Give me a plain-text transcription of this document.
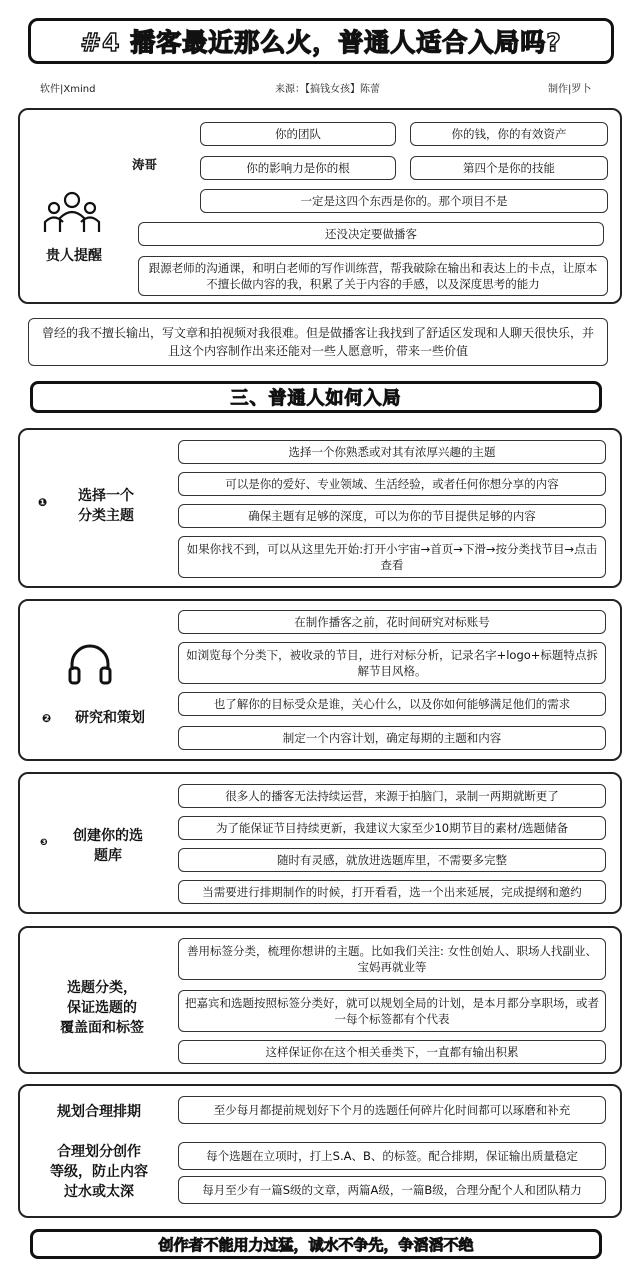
#4 播客最近那么火，普通人适合入局吗?
软件|Xmind	来源：【搞钱女孩】陈蕾	制作|罗卜
贵人提醒
涛哥
你的团队	你的钱，你的有效资产
你的影响力是你的根	第四个是你的技能
一定是这四个东西是你的。那个项目不是
还没决定要做播客
跟源老师的沟通课，和明白老师的写作训练营，帮我破除在输出和表达上的卡点，让原本不擅长做内容的我，积累了关于内容的手感，以及深度思考的能力
曾经的我不擅长输出，写文章和拍视频对我很难。但是做播客让我找到了舒适区发现和人聊天很快乐，并且这个内容制作出来还能对一些人愿意听，带来一些价值
三、普通人如何入局
❶	选择一个
分类主题
选择一个你熟悉或对其有浓厚兴趣的主题
可以是你的爱好、专业领域、生活经验，或者任何你想分享的内容
确保主题有足够的深度，可以为你的节目提供足够的内容
如果你找不到，可以从这里先开始:打开小宇宙→首页→下滑→按分类找节目→点击查看
❷	研究和策划
在制作播客之前，花时间研究对标账号
如浏览每个分类下，被收录的节目，进行对标分析，记录名字+logo+标题特点拆解节目风格。
也了解你的目标受众是谁，关心什么，以及你如何能够满足他们的需求
制定一个内容计划，确定每期的主题和内容
❸	创建你的选
题库
很多人的播客无法持续运营，来源于拍脑门，录制一两期就断更了
为了能保证节目持续更新，我建议大家至少10期节目的素材/选题储备
随时有灵感，就放进选题库里，不需要多完整
当需要进行排期制作的时候，打开看看，选一个出来延展，完成提纲和邀约
选题分类，
保证选题的
覆盖面和标签
善用标签分类，梳理你想讲的主题。比如我们关注: 女性创始人、职场人找副业、宝妈再就业等
把嘉宾和选题按照标签分类好，就可以规划全局的计划，是本月都分享职场，或者一每个标签都有个代表
这样保证你在这个相关垂类下，一直都有输出积累
规划合理排期
合理划分创作
等级，防止内容
过水或太深
至少每月都提前规划好下个月的选题任何碎片化时间都可以琢磨和补充
每个选题在立项时，打上S.A、B、的标签。配合排期，保证输出质量稳定
每月至少有一篇S级的文章，两篇A级，一篇B级，合理分配个人和团队精力
创作者不能用力过猛，诚水不争先，争滔滔不绝
